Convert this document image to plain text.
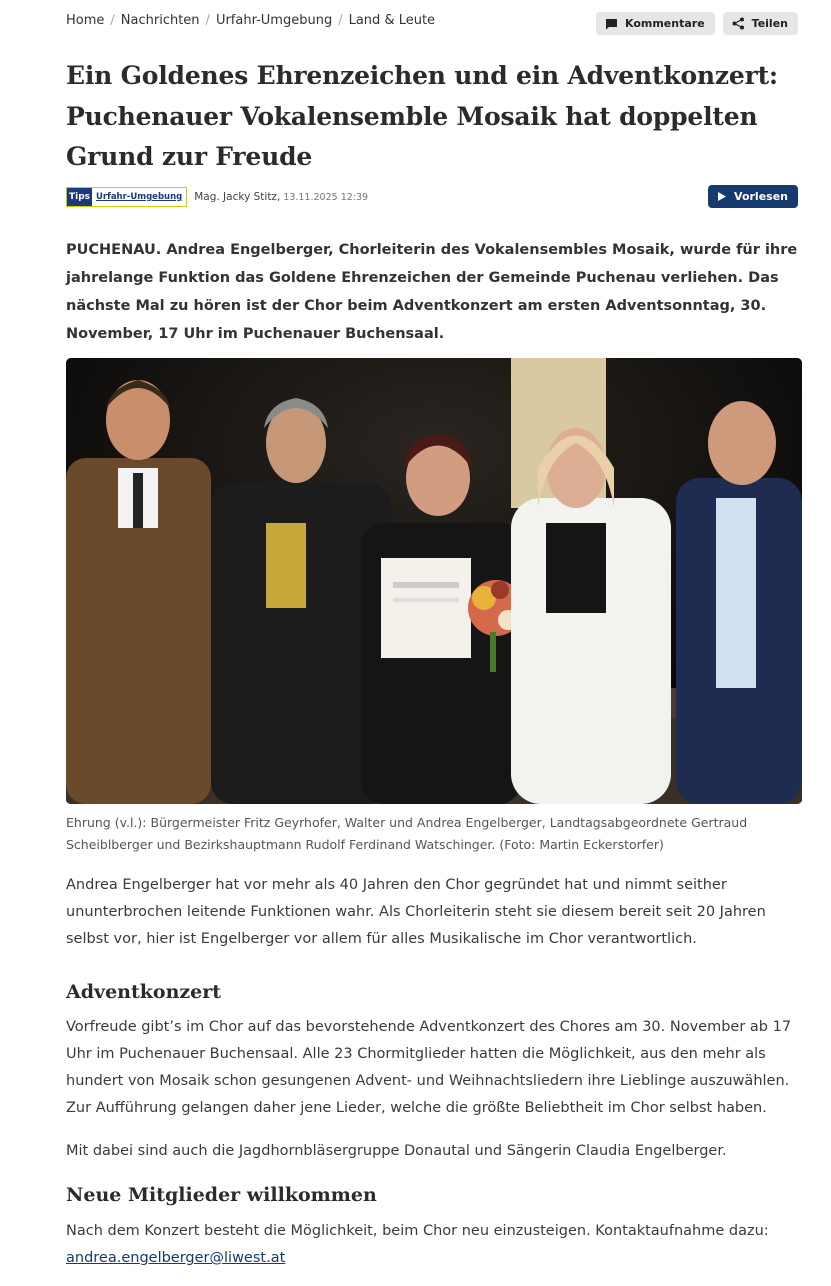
Home / Nachrichten / Urfahr-Umgebung / Land & Leute	Kommentare	Teilen
Ein Goldenes Ehrenzeichen und ein Adventkonzert: Puchenauer Vokalensemble Mosaik hat doppelten Grund zur Freude
Tips Urfahr-Umgebung	Mag. Jacky Stitz, 13.11.2025 12:39	Vorlesen

PUCHENAU. Andrea Engelberger, Chorleiterin des Vokalensembles Mosaik, wurde für ihre jahrelange Funktion das Goldene Ehrenzeichen der Gemeinde Puchenau verliehen. Das nächste Mal zu hören ist der Chor beim Adventkonzert am ersten Adventsonntag, 30. November, 17 Uhr im Puchenauer Buchensaal.

Ehrung (v.l.): Bürgermeister Fritz Geyrhofer, Walter und Andrea Engelberger, Landtagsabgeordnete Gertraud Scheiblberger und Bezirkshauptmann Rudolf Ferdinand Watschinger. (Foto: Martin Eckerstorfer)

Andrea Engelberger hat vor mehr als 40 Jahren den Chor gegründet hat und nimmt seither ununterbrochen leitende Funktionen wahr. Als Chorleiterin steht sie diesem bereit seit 20 Jahren selbst vor, hier ist Engelberger vor allem für alles Musikalische im Chor verantwortlich.

Adventkonzert

Vorfreude gibt’s im Chor auf das bevorstehende Adventkonzert des Chores am 30. November ab 17 Uhr im Puchenauer Buchensaal. Alle 23 Chormitglieder hatten die Möglichkeit, aus den mehr als hundert von Mosaik schon gesungenen Advent- und Weihnachtsliedern ihre Lieblinge auszuwählen. Zur Aufführung gelangen daher jene Lieder, welche die größte Beliebtheit im Chor selbst haben.

Mit dabei sind auch die Jagdhornbläsergruppe Donautal und Sängerin Claudia Engelberger.

Neue Mitglieder willkommen

Nach dem Konzert besteht die Möglichkeit, beim Chor neu einzusteigen. Kontaktaufnahme dazu: andrea.engelberger@liwest.at
